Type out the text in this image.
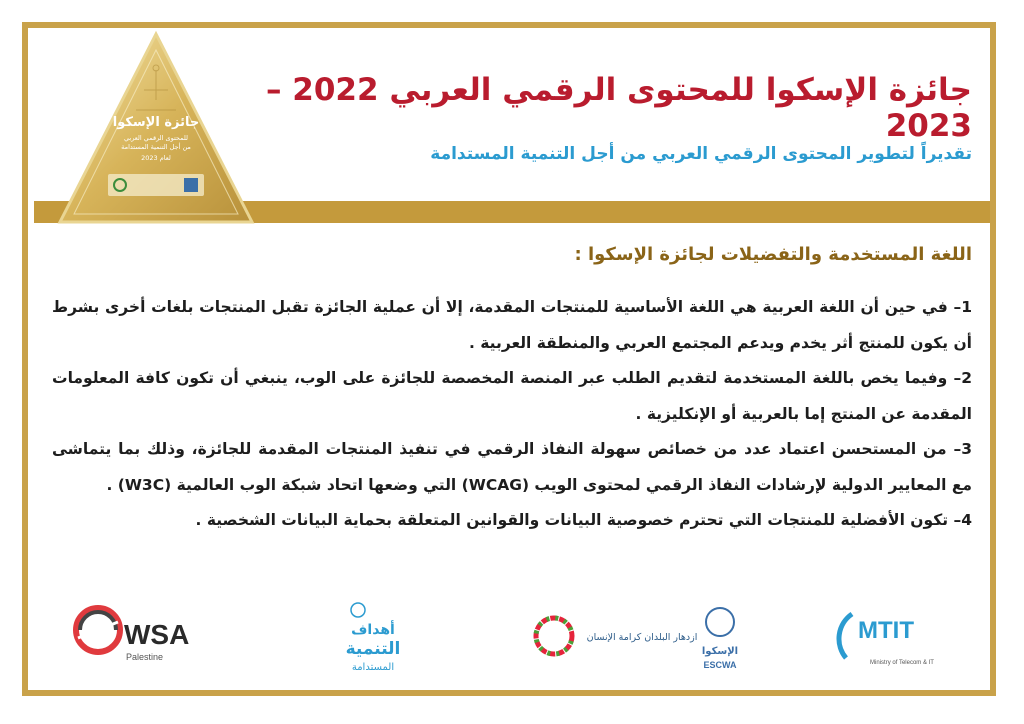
جائزة الإسكوا
للمحتوى الرقمي العربي
من أجل التنمية المستدامة
لعام 2023
جائزة الإسكوا للمحتوى الرقمي العربي 2022 – 2023
تقديراً لتطوير المحتوى الرقمي العربي من أجل التنمية المستدامة
اللغة المستخدمة والتفضيلات لجائزة الإسكوا :

1– في حين أن اللغة العربية هي اللغة الأساسية للمنتجات المقدمة، إلا أن عملية الجائزة تقبل المنتجات بلغات أخرى بشرط أن يكون للمنتج أثر يخدم ويدعم المجتمع العربي والمنطقة العربية .

2– وفيما يخص باللغة المستخدمة لتقديم الطلب عبر المنصة المخصصة للجائزة على الوب، ينبغي أن تكون كافة المعلومات المقدمة عن المنتج إما بالعربية أو الإنكليزية .

3– من المستحسن اعتماد عدد من خصائص سهولة النفاذ الرقمي في تنفيذ المنتجات المقدمة للجائزة، وذلك بما يتماشى مع المعايير الدولية لإرشادات النفاذ الرقمي لمحتوى الويب (WCAG) التي وضعها اتحاد شبكة الوب العالمية (W3C) .

4– تكون الأفضلية للمنتجات التي تحترم خصوصية البيانات والقوانين المتعلقة بحماية البيانات الشخصية .

WSA
Palestine
أهداف
التنمية
المستدامة
ازدهار البلدان كرامة الإنسان
الإسكوا
ESCWA
MTIT
Ministry of Telecom & IT
